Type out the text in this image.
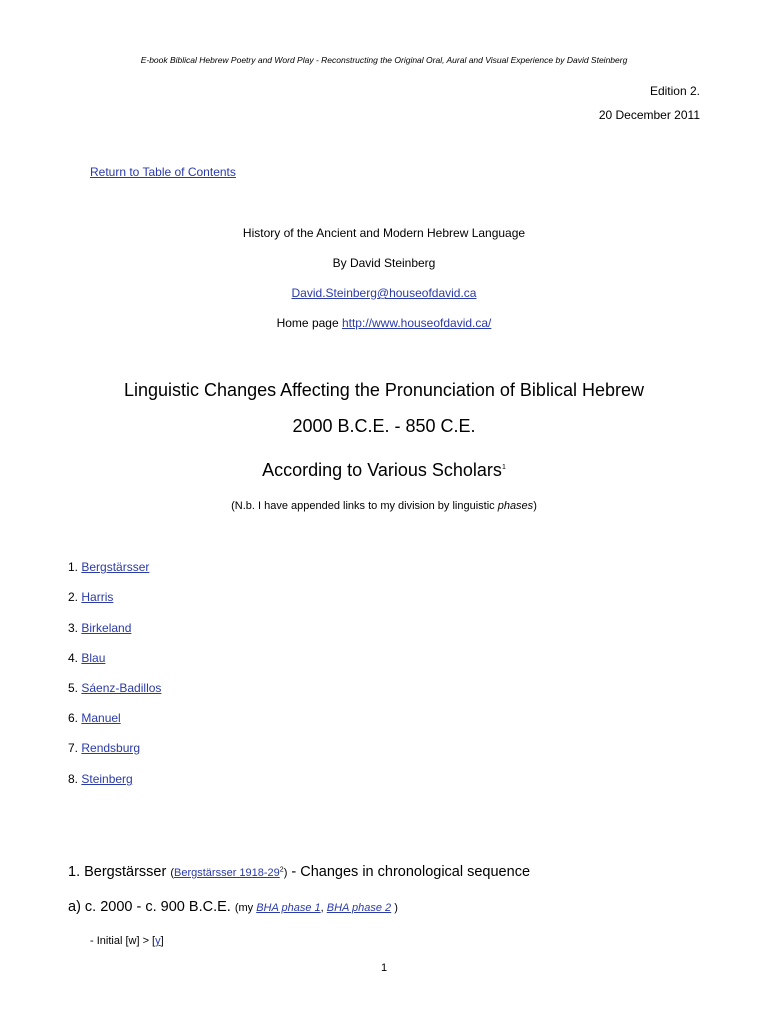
E-book Biblical Hebrew Poetry and Word Play - Reconstructing the Original Oral, Aural and Visual Experience by David Steinberg
Edition 2.
20 December 2011
Return to Table of Contents
History of the Ancient and Modern Hebrew Language
By David Steinberg
David.Steinberg@houseofdavid.ca
Home page http://www.houseofdavid.ca/
Linguistic Changes Affecting the Pronunciation of Biblical Hebrew
2000 B.C.E. - 850 C.E.
According to Various Scholars$^1$
(N.b. I have appended links to my division by linguistic phases)
1. Bergstärsser
2. Harris
3. Birkeland
4. Blau
5. Sáenz-Badillos
6. Manuel
7. Rendsburg
8. Steinberg
1. Bergstärsser (Bergstärsser $1918-29^2$) - Changes in chronological sequence
a) c. 2000 - c. 900 B.C.E. (my BHA phase 1, BHA phase 2 )
- Initial [w] > [y]
1
